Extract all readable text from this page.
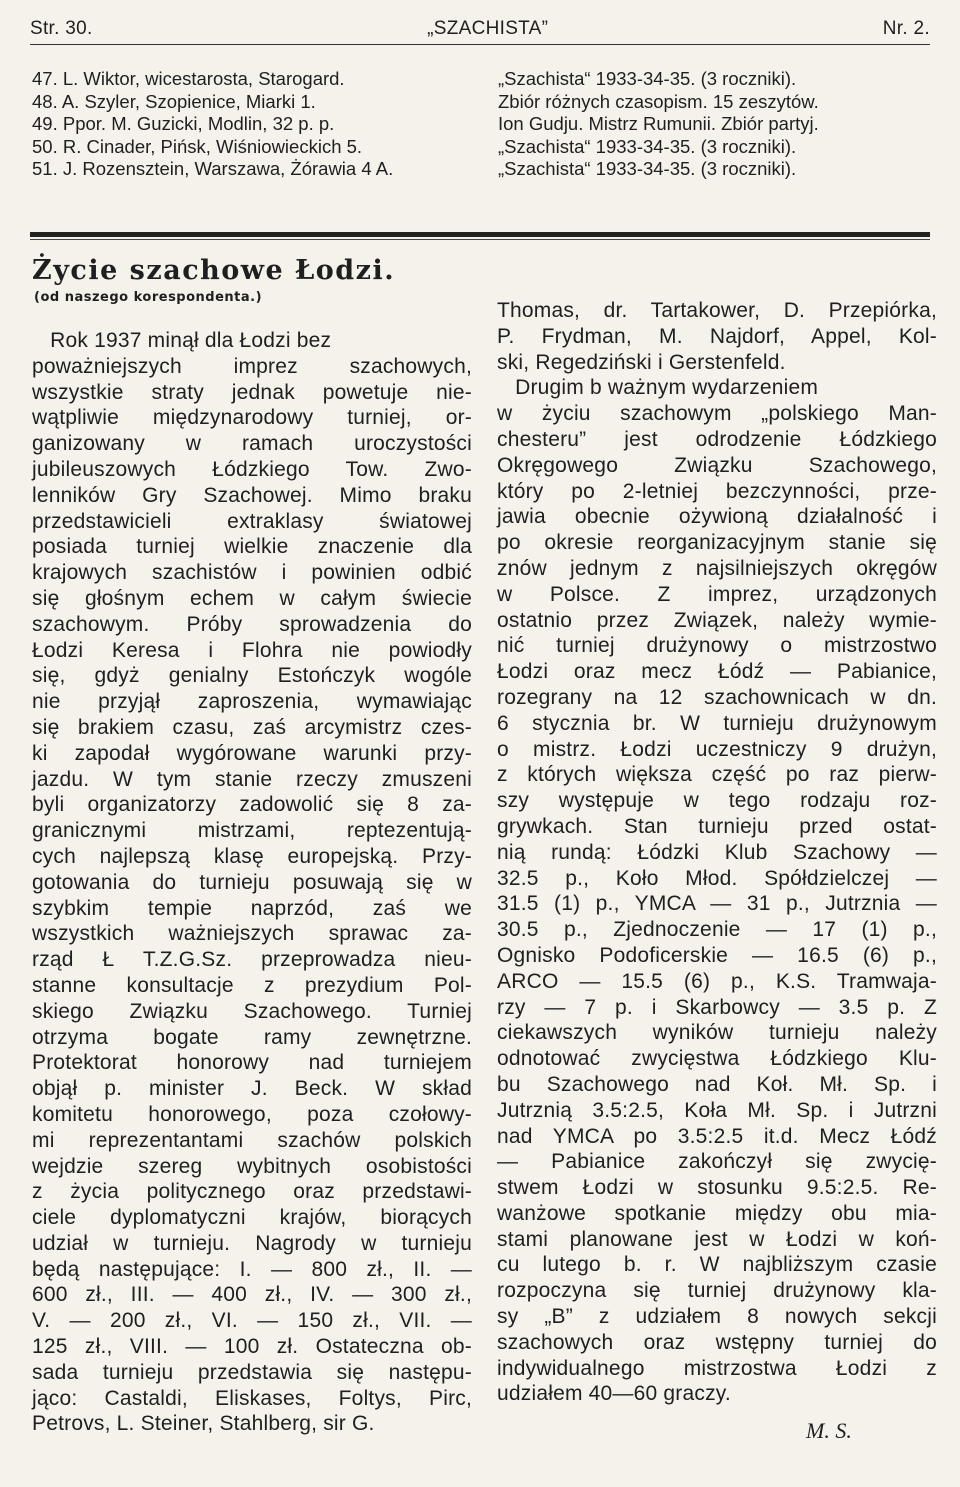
Str. 30.	„SZACHISTA”	Nr. 2.
47. L. Wiktor, wicestarosta, Starogard.
48. A. Szyler, Szopienice, Miarki 1.
49. Ppor. M. Guzicki, Modlin, 32 p. p.
50. R. Cinader, Pińsk, Wiśniowieckich 5.
51. J. Rozensztein, Warszawa, Żórawia 4 A.
„Szachista“ 1933-34-35. (3 roczniki).
Zbiór różnych czasopism. 15 zeszytów.
Ion Gudju. Mistrz Rumunii. Zbiór partyj.
„Szachista“ 1933-34-35. (3 roczniki).
„Szachista“ 1933-34-35. (3 roczniki).
Życie szachowe Łodzi.
(od naszego korespondenta.)
Rok 1937 minął dla Łodzi bez
poważniejszych imprez szachowych,
wszystkie straty jednak powetuje nie-
wątpliwie międzynarodowy turniej, or-
ganizowany w ramach uroczystości
jubileuszowych Łódzkiego Tow. Zwo-
lenników Gry Szachowej. Mimo braku
przedstawicieli extraklasy światowej
posiada turniej wielkie znaczenie dla
krajowych szachistów i powinien odbić
się głośnym echem w całym świecie
szachowym. Próby sprowadzenia do
Łodzi Keresa i Flohra nie powiodły
się, gdyż genialny Estończyk wogóle
nie przyjął zaproszenia, wymawiając
się brakiem czasu, zaś arcymistrz czes-
ki zapodał wygórowane warunki przy-
jazdu. W tym stanie rzeczy zmuszeni
byli organizatorzy zadowolić się 8 za-
granicznymi mistrzami, reptezentują-
cych najlepszą klasę europejską. Przy-
gotowania do turnieju posuwają się w
szybkim tempie naprzód, zaś we
wszystkich ważniejszych sprawac za-
rząd Ł T.Z.G.Sz. przeprowadza nieu-
stanne konsultacje z prezydium Pol-
skiego Związku Szachowego. Turniej
otrzyma bogate ramy zewnętrzne.
Protektorat honorowy nad turniejem
objął p. minister J. Beck. W skład
komitetu honorowego, poza czołowy-
mi reprezentantami szachów polskich
wejdzie szereg wybitnych osobistości
z życia politycznego oraz przedstawi-
ciele dyplomatyczni krajów, biorących
udział w turnieju. Nagrody w turnieju
będą następujące: I. — 800 zł., II. —
600 zł., III. — 400 zł., IV. — 300 zł.,
V. — 200 zł., VI. — 150 zł., VII. —
125 zł., VIII. — 100 zł. Ostateczna ob-
sada turnieju przedstawia się następu-
jąco: Castaldi, Eliskases, Foltys, Pirc,
Petrovs, L. Steiner, Stahlberg, sir G.
Thomas, dr. Tartakower, D. Przepiórka,
P. Frydman, M. Najdorf, Appel, Kol-
ski, Regedziński i Gerstenfeld.
Drugim b ważnym wydarzeniem
w życiu szachowym „polskiego Man-
chesteru” jest odrodzenie Łódzkiego
Okręgowego Związku Szachowego,
który po 2-letniej bezczynności, prze-
jawia obecnie ożywioną działalność i
po okresie reorganizacyjnym stanie się
znów jednym z najsilniejszych okręgów
w Polsce. Z imprez, urządzonych
ostatnio przez Związek, należy wymie-
nić turniej drużynowy o mistrzostwo
Łodzi oraz mecz Łódź — Pabianice,
rozegrany na 12 szachownicach w dn.
6 stycznia br. W turnieju drużynowym
o mistrz. Łodzi uczestniczy 9 drużyn,
z których większa część po raz pierw-
szy występuje w tego rodzaju roz-
grywkach. Stan turnieju przed ostat-
nią rundą: Łódzki Klub Szachowy —
32.5 p., Koło Młod. Spółdzielczej —
31.5 (1) p., YMCA — 31 p., Jutrznia —
30.5 p., Zjednoczenie — 17 (1) p.,
Ognisko Podoficerskie — 16.5 (6) p.,
ARCO — 15.5 (6) p., K.S. Tramwaja-
rzy — 7 p. i Skarbowcy — 3.5 p. Z
ciekawszych wyników turnieju należy
odnotować zwycięstwa Łódzkiego Klu-
bu Szachowego nad Koł. Mł. Sp. i
Jutrznią 3.5:2.5, Koła Mł. Sp. i Jutrzni
nad YMCA po 3.5:2.5 it.d. Mecz Łódź
— Pabianice zakończył się zwycię-
stwem Łodzi w stosunku 9.5:2.5. Re-
wanżowe spotkanie między obu mia-
stami planowane jest w Łodzi w koń-
cu lutego b. r. W najbliższym czasie
rozpoczyna się turniej drużynowy kla-
sy „B” z udziałem 8 nowych sekcji
szachowych oraz wstępny turniej do
indywidualnego mistrzostwa Łodzi z
udziałem 40—60 graczy.
M. S.
